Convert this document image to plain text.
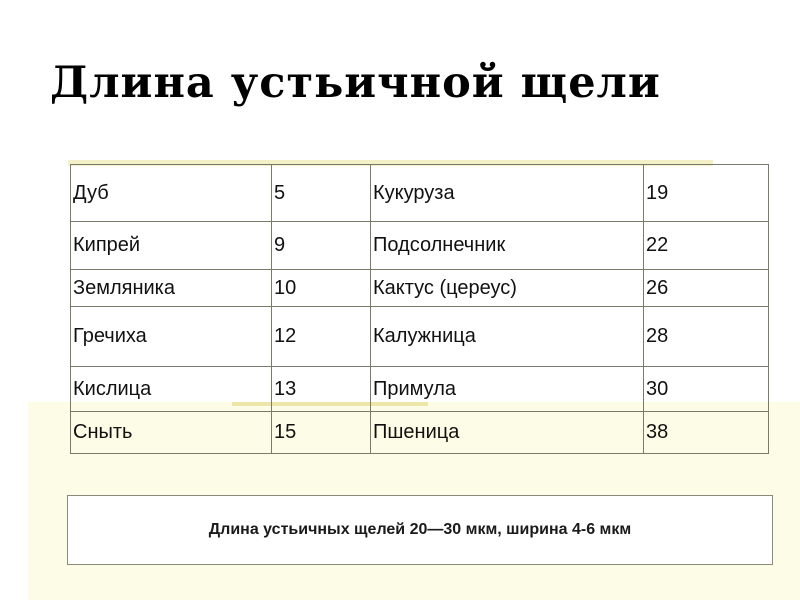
Длина устьичной щели
Дуб	5	Кукуруза	19
Кипрей	9	Подсолнечник	22
Земляника	10	Кактус (цереус)	26
Гречиха	12	Калужница	28
Кислица	13	Примула	30
Сныть	15	Пшеница	38
Длина устьичных щелей 20—30 мкм, ширина 4-6 мкм
